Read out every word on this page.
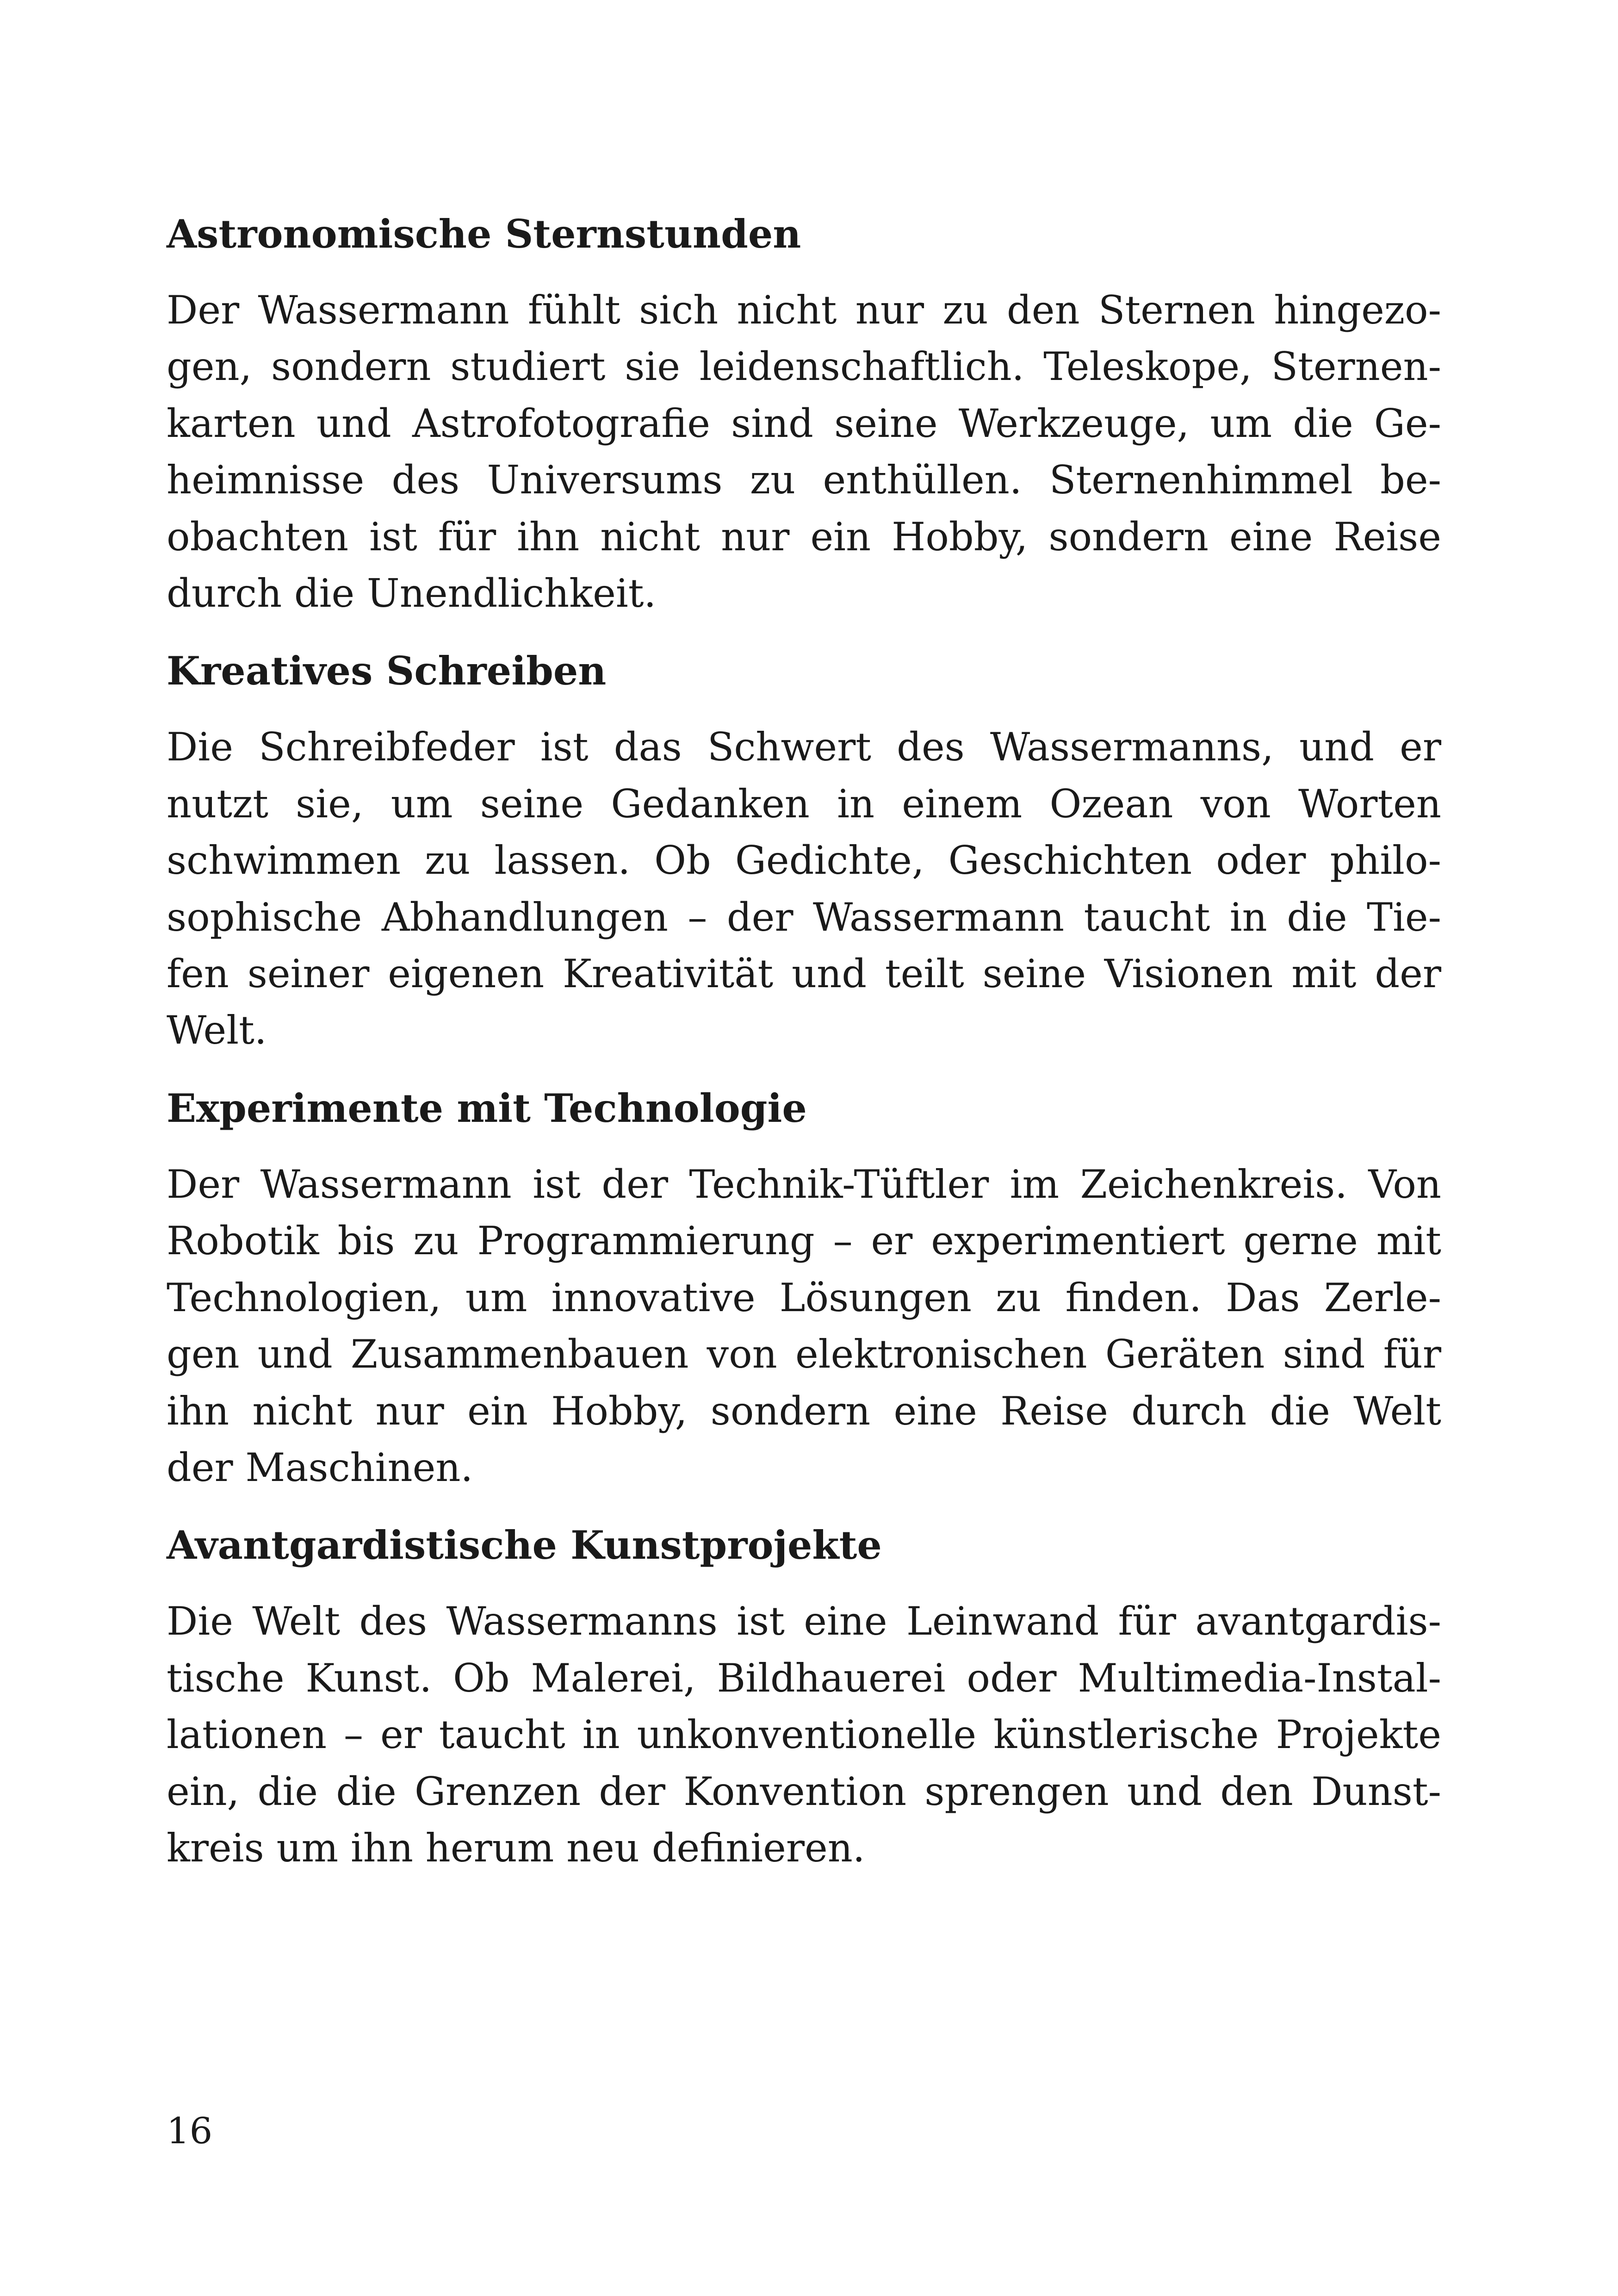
Astronomische Sternstunden

Der Wassermann fühlt sich nicht nur zu den Sternen hingezo-
gen, sondern studiert sie leidenschaftlich. Teleskope, Sternen-
karten und Astrofotografie sind seine Werkzeuge, um die Ge-
heimnisse des Universums zu enthüllen. Sternenhimmel be-
obachten ist für ihn nicht nur ein Hobby, sondern eine Reise
durch die Unendlichkeit.

Kreatives Schreiben

Die Schreibfeder ist das Schwert des Wassermanns, und er
nutzt sie, um seine Gedanken in einem Ozean von Worten
schwimmen zu lassen. Ob Gedichte, Geschichten oder philo-
sophische Abhandlungen – der Wassermann taucht in die Tie-
fen seiner eigenen Kreativität und teilt seine Visionen mit der
Welt.

Experimente mit Technologie

Der Wassermann ist der Technik-Tüftler im Zeichenkreis. Von
Robotik bis zu Programmierung – er experimentiert gerne mit
Technologien, um innovative Lösungen zu finden. Das Zerle-
gen und Zusammenbauen von elektronischen Geräten sind für
ihn nicht nur ein Hobby, sondern eine Reise durch die Welt
der Maschinen.

Avantgardistische Kunstprojekte

Die Welt des Wassermanns ist eine Leinwand für avantgardis-
tische Kunst. Ob Malerei, Bildhauerei oder Multimedia-Instal-
lationen – er taucht in unkonventionelle künstlerische Projekte
ein, die die Grenzen der Konvention sprengen und den Dunst-
kreis um ihn herum neu definieren.

16
